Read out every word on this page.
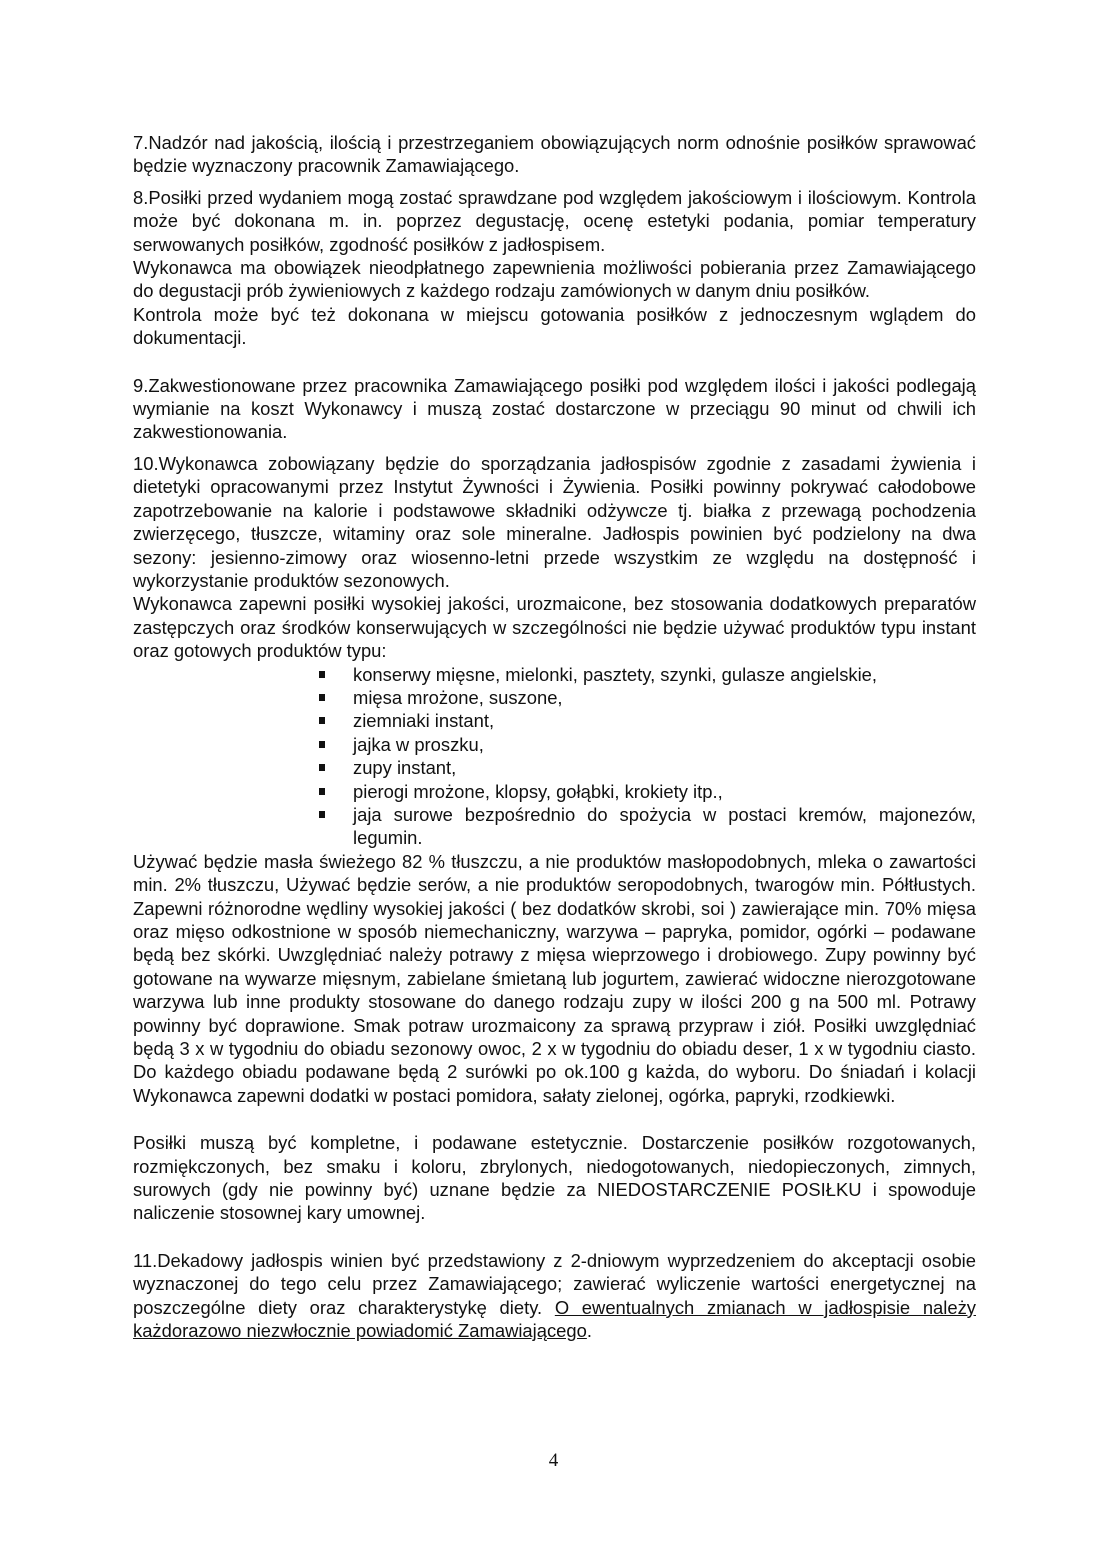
7.Nadzór nad jakością, ilością i przestrzeganiem obowiązujących norm odnośnie posiłków sprawować będzie wyznaczony pracownik Zamawiającego.

8.Posiłki przed wydaniem mogą zostać sprawdzane pod względem jakościowym i ilościowym. Kontrola może być dokonana m. in. poprzez degustację, ocenę estetyki podania, pomiar temperatury serwowanych posiłków, zgodność posiłków z jadłospisem.

Wykonawca ma obowiązek nieodpłatnego zapewnienia możliwości pobierania przez Zamawiającego do degustacji prób żywieniowych z każdego rodzaju zamówionych w danym dniu posiłków.

Kontrola może być też dokonana w miejscu gotowania posiłków z jednoczesnym wglądem do dokumentacji.

9.Zakwestionowane przez pracownika Zamawiającego posiłki pod względem ilości i jakości podlegają wymianie na koszt Wykonawcy i muszą zostać dostarczone w przeciągu 90 minut od chwili ich zakwestionowania.

10.Wykonawca zobowiązany będzie do sporządzania jadłospisów zgodnie z zasadami żywienia i dietetyki opracowanymi przez Instytut Żywności i Żywienia. Posiłki powinny pokrywać całodobowe zapotrzebowanie na kalorie i podstawowe składniki odżywcze tj. białka z przewagą pochodzenia zwierzęcego, tłuszcze, witaminy oraz sole mineralne. Jadłospis powinien być podzielony na dwa sezony: jesienno-zimowy oraz wiosenno-letni przede wszystkim ze względu na dostępność i wykorzystanie produktów sezonowych.

Wykonawca zapewni posiłki wysokiej jakości, urozmaicone, bez stosowania dodatkowych preparatów zastępczych oraz środków konserwujących w szczególności nie będzie używać produktów typu instant oraz gotowych produktów typu:

konserwy mięsne, mielonki, pasztety, szynki, gulasze angielskie,
mięsa mrożone, suszone,
ziemniaki instant,
jajka w proszku,
zupy instant,
pierogi mrożone, klopsy, gołąbki, krokiety itp.,
jaja surowe bezpośrednio do spożycia w postaci kremów, majonezów, legumin.

Używać będzie masła świeżego 82 % tłuszczu, a nie produktów masłopodobnych, mleka o zawartości min. 2% tłuszczu, Używać będzie serów, a nie produktów seropodobnych, twarogów min. Półtłustych. Zapewni różnorodne wędliny wysokiej jakości ( bez dodatków skrobi, soi ) zawierające min. 70% mięsa oraz mięso odkostnione w sposób niemechaniczny, warzywa – papryka, pomidor, ogórki – podawane będą bez skórki. Uwzględniać należy potrawy z mięsa wieprzowego i drobiowego. Zupy powinny być gotowane na wywarze mięsnym, zabielane śmietaną lub jogurtem, zawierać widoczne nierozgotowane warzywa lub inne produkty stosowane do danego rodzaju zupy w ilości 200 g na 500 ml. Potrawy powinny być doprawione. Smak potraw urozmaicony za sprawą przypraw i ziół. Posiłki uwzględniać będą 3 x w tygodniu do obiadu sezonowy owoc, 2 x w tygodniu do obiadu deser, 1 x w tygodniu ciasto. Do każdego obiadu podawane będą 2 surówki po ok.100 g każda, do wyboru. Do śniadań i kolacji Wykonawca zapewni dodatki w postaci pomidora, sałaty zielonej, ogórka, papryki, rzodkiewki.

Posiłki muszą być kompletne, i podawane estetycznie. Dostarczenie posiłków rozgotowanych, rozmiękczonych, bez smaku i koloru, zbrylonych, niedogotowanych, niedopieczonych, zimnych, surowych (gdy nie powinny być) uznane będzie za NIEDOSTARCZENIE POSIŁKU i spowoduje naliczenie stosownej kary umownej.

11.Dekadowy jadłospis winien być przedstawiony z 2-dniowym wyprzedzeniem do akceptacji osobie wyznaczonej do tego celu przez Zamawiającego; zawierać wyliczenie wartości energetycznej na poszczególne diety oraz charakterystykę diety. O ewentualnych zmianach w jadłospisie należy każdorazowo niezwłocznie powiadomić Zamawiającego.

4
